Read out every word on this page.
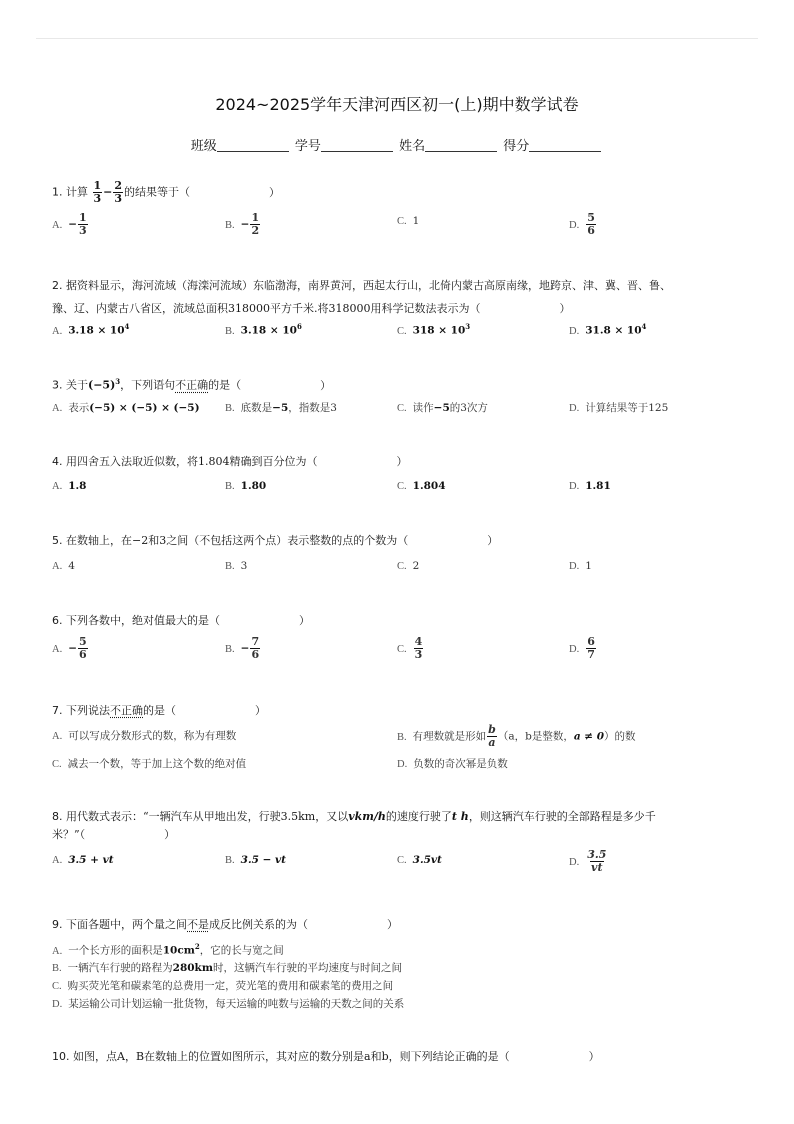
2024~2025学年天津河西区初一(上)期中数学试卷
班级	学号	姓名	得分
1. 计算 $\frac{1}{3} - \frac{2}{3}$ 的结果等于（	）
A. − $\frac{1}{3}$	B. − $\frac{1}{2}$	C. 1	D. $\frac{5}{6}$
2. 据资料显示，海河流域（海滦河流域）东临渤海，南界黄河，西起太行山，北倚内蒙古高原南缘，地跨京、津、冀、晋、鲁、
豫、辽、内蒙古八省区，流域总面积318000平方千米.将318000用科学记数法表示为（	）
A. $3.18 \times 10^4$	B. $3.18 \times 10^6$	C. $318 \times 10^3$	D. $31.8 \times 10^4$
3. 关于$(-5)^3$，下列语句不正确的是（	）
A. 表示(−5) × (−5) × (−5) B. 底数是−5，指数是3	C. 读作−5的3次方	D. 计算结果等于125
4. 用四舍五入法取近似数，将1.804精确到百分位为（	）
A. 1.8	B. 1.80	C. 1.804	D. 1.81
5. 在数轴上，在−2和3之间（不包括这两个点）表示整数的点的个数为（	）
A. 4	B. 3	C. 2	D. 1
6. 下列各数中，绝对值最大的是（	）
A. − $\frac{5}{6}$	B. − $\frac{7}{6}$	C. $\frac{4}{3}$	D. $\frac{6}{7}$
7. 下列说法不正确的是（	）
A. 可以写成分数形式的数，称为有理数	B. 有理数就是形如 $\frac{b}{a} (a$，b是整数，a ≠ 0）的数
C. 减去一个数，等于加上这个数的绝对值	D. 负数的奇次幂是负数
8. 用代数式表示：“一辆汽车从甲地出发，行驶3.5km，又以vkm/h的速度行驶了t h，则这辆汽车行驶的全部路程是多少千
米？”（	）
A. 3.5 + vt	B. 3.5 − vt	C. 3.5vt	D. $\frac{3.5}{vt}$
9. 下面各题中，两个量之间不是成反比例关系的为（	）
A. 一个长方形的面积是$10cm^2$，它的长与宽之间
B. 一辆汽车行驶的路程为280km时，这辆汽车行驶的平均速度与时间之间
C. 购买荧光笔和碳素笔的总费用一定，荧光笔的费用和碳素笔的费用之间
D. 某运输公司计划运输一批货物，每天运输的吨数与运输的天数之间的关系
10. 如图，点A，B在数轴上的位置如图所示，其对应的数分别是a和b，则下列结论正确的是（	）
